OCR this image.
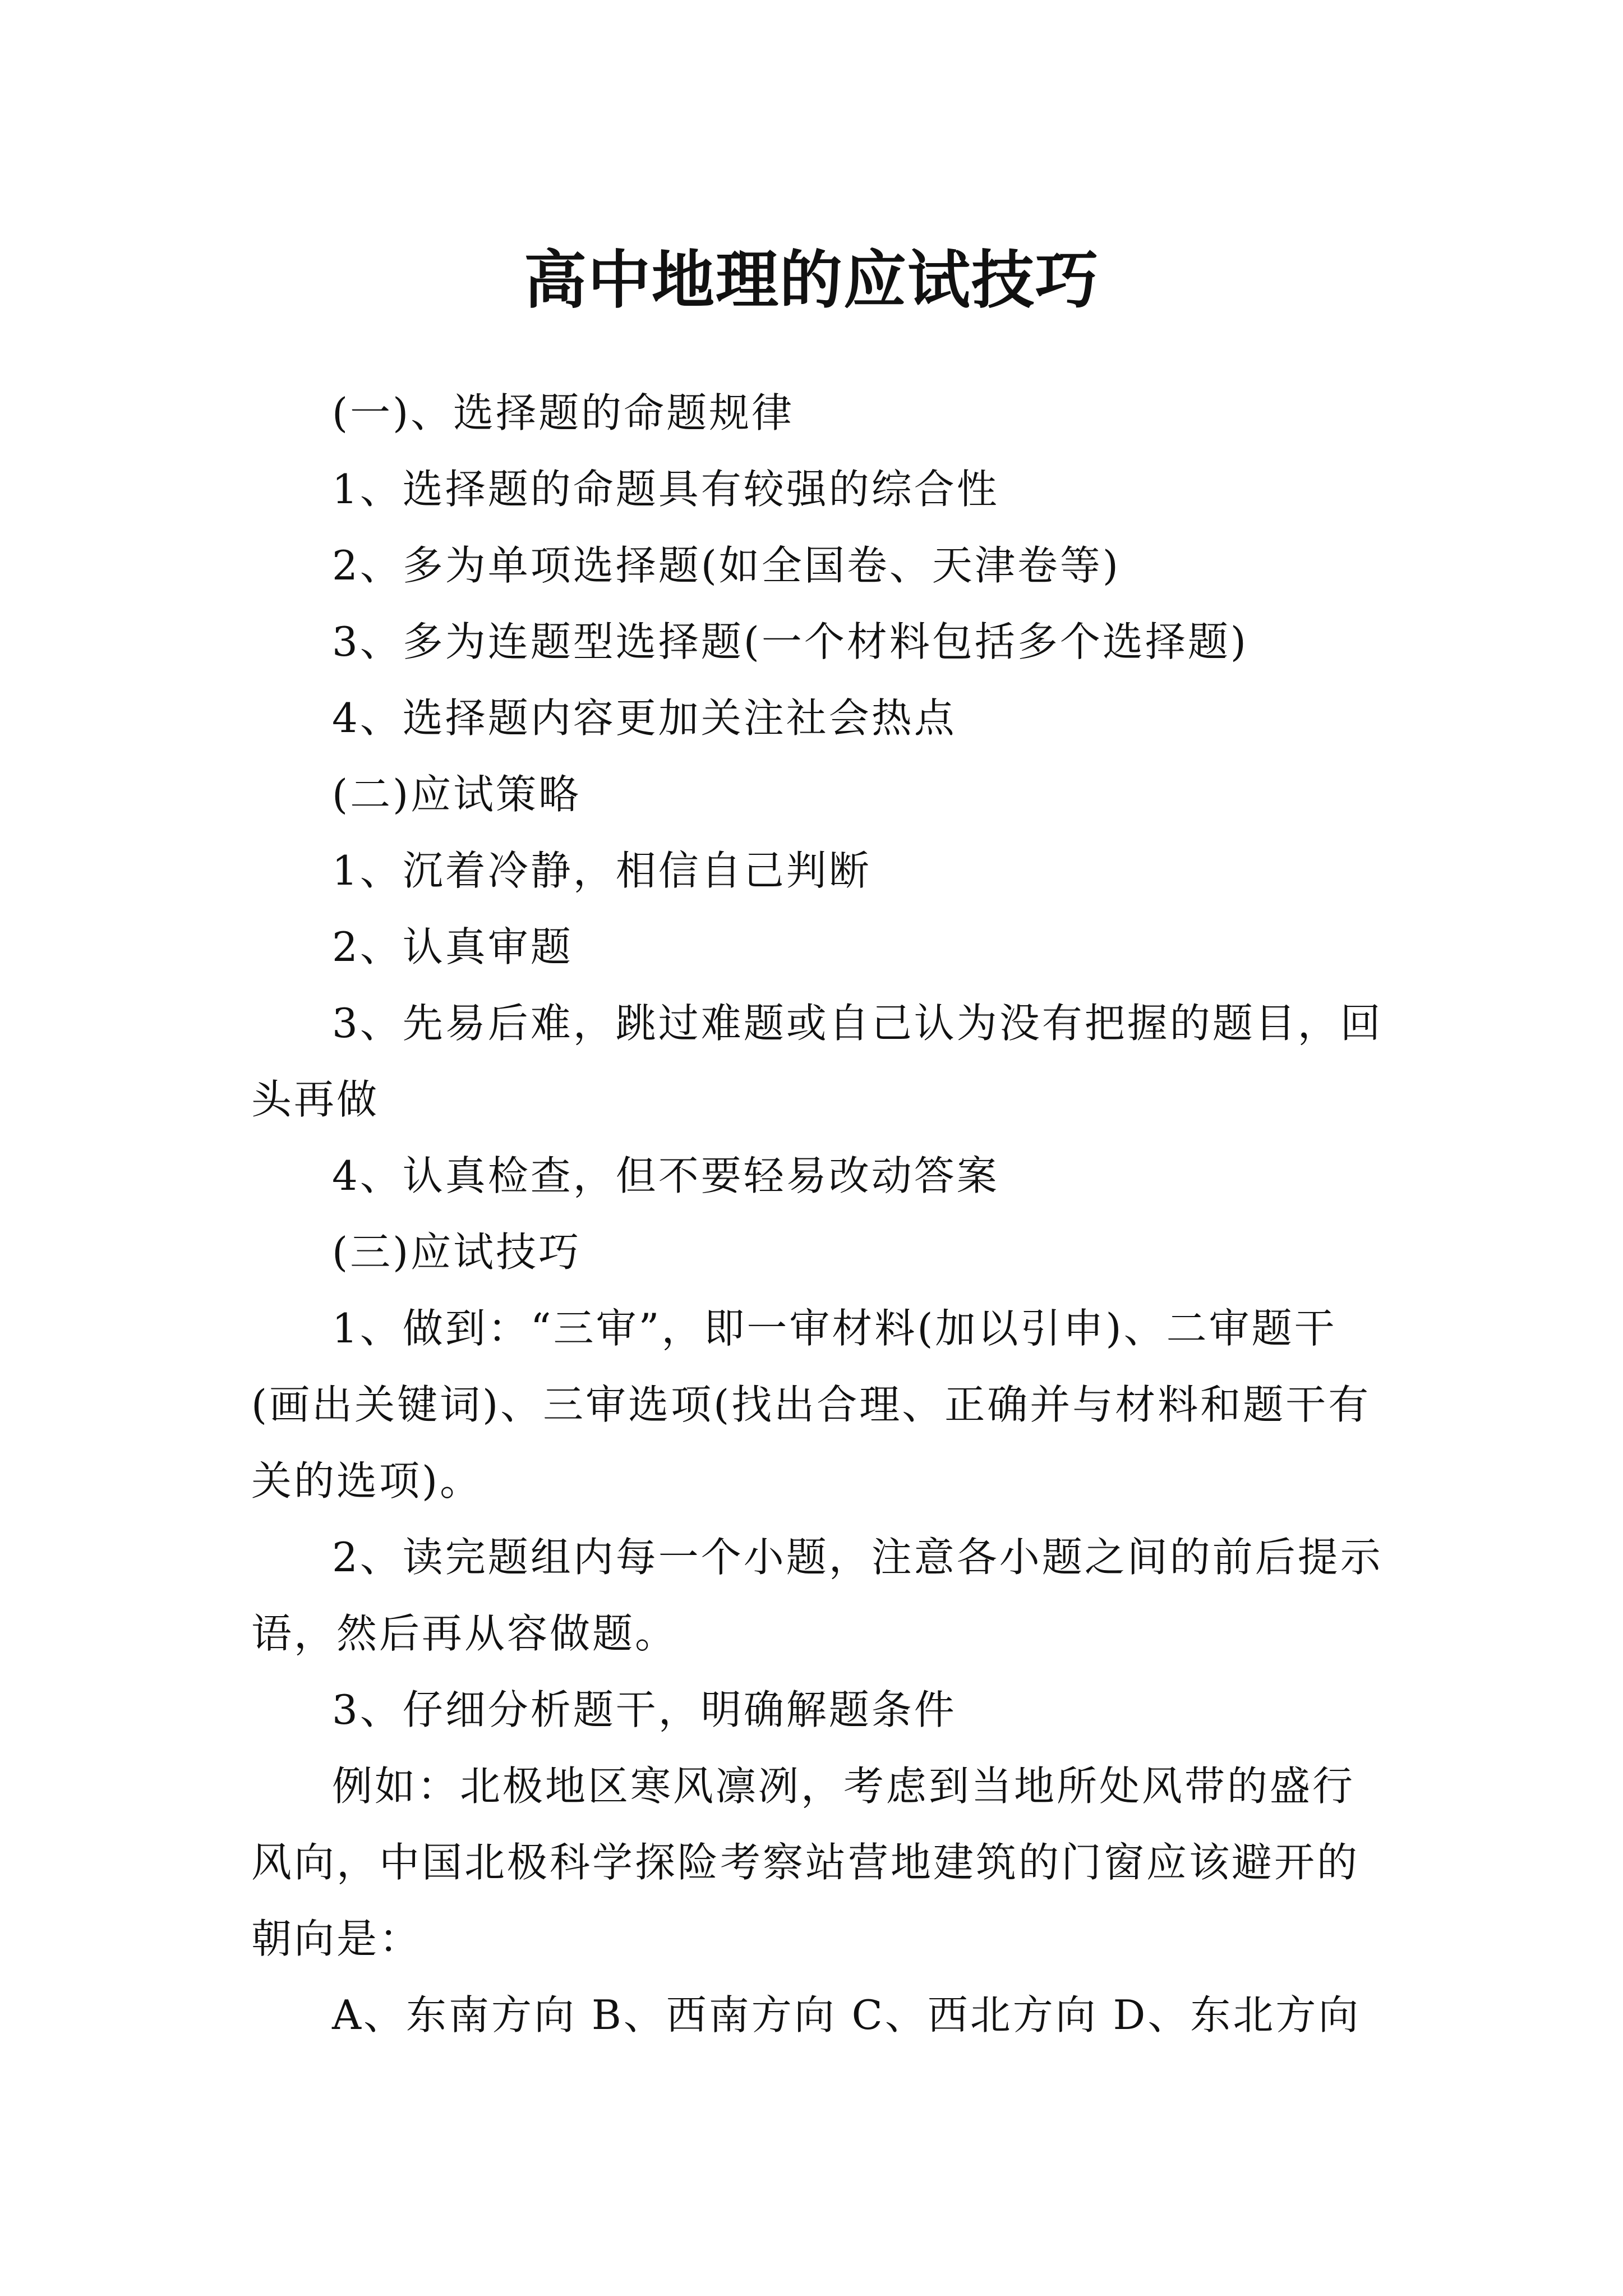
高中地理的应试技巧

(一)、选择题的命题规律

1、选择题的命题具有较强的综合性

2、多为单项选择题(如全国卷、天津卷等)

3、多为连题型选择题(一个材料包括多个选择题)

4、选择题内容更加关注社会热点

(二)应试策略

1、沉着冷静，相信自己判断

2、认真审题

3、先易后难，跳过难题或自己认为没有把握的题目，回头再做

4、认真检查，但不要轻易改动答案

(三)应试技巧

1、做到：“三审”，即一审材料(加以引申)、二审题干(画出关键词)、三审选项(找出合理、正确并与材料和题干有关的选项)。

2、读完题组内每一个小题，注意各小题之间的前后提示语，然后再从容做题。

3、仔细分析题干，明确解题条件

例如：北极地区寒风凛冽，考虑到当地所处风带的盛行风向，中国北极科学探险考察站营地建筑的门窗应该避开的朝向是：

A、东南方向 B、西南方向 C、西北方向 D、东北方向
